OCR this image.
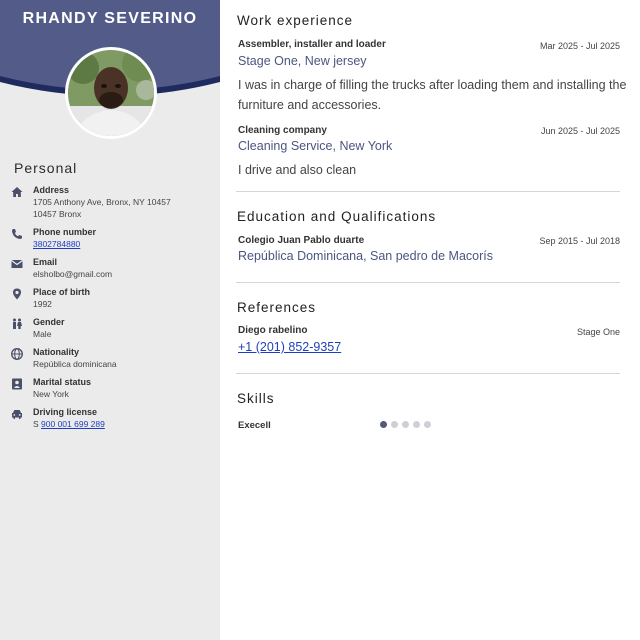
RHANDY SEVERINO
Personal
Address
1705 Anthony Ave, Bronx, NY 10457
10457 Bronx
Phone number
3802784880
Email
elsholbo@gmail.com
Place of birth
1992
Gender
Male
Nationality
República dominicana
Marital status
New York
Driving license
S 900 001 699 289
Work experience
Assembler, installer and loader	Mar 2025 - Jul 2025
Stage One, New jersey
I was in charge of filling the trucks after loading them and installing the furniture and accessories.
Cleaning company	Jun 2025 - Jul 2025
Cleaning Service, New York
I drive and also clean
Education and Qualifications
Colegio Juan Pablo duarte	Sep 2015 - Jul 2018
República Dominicana, San pedro de Macorís
References
Diego rabelino	Stage One
+1 (201) 852-9357
Skills
Execell
